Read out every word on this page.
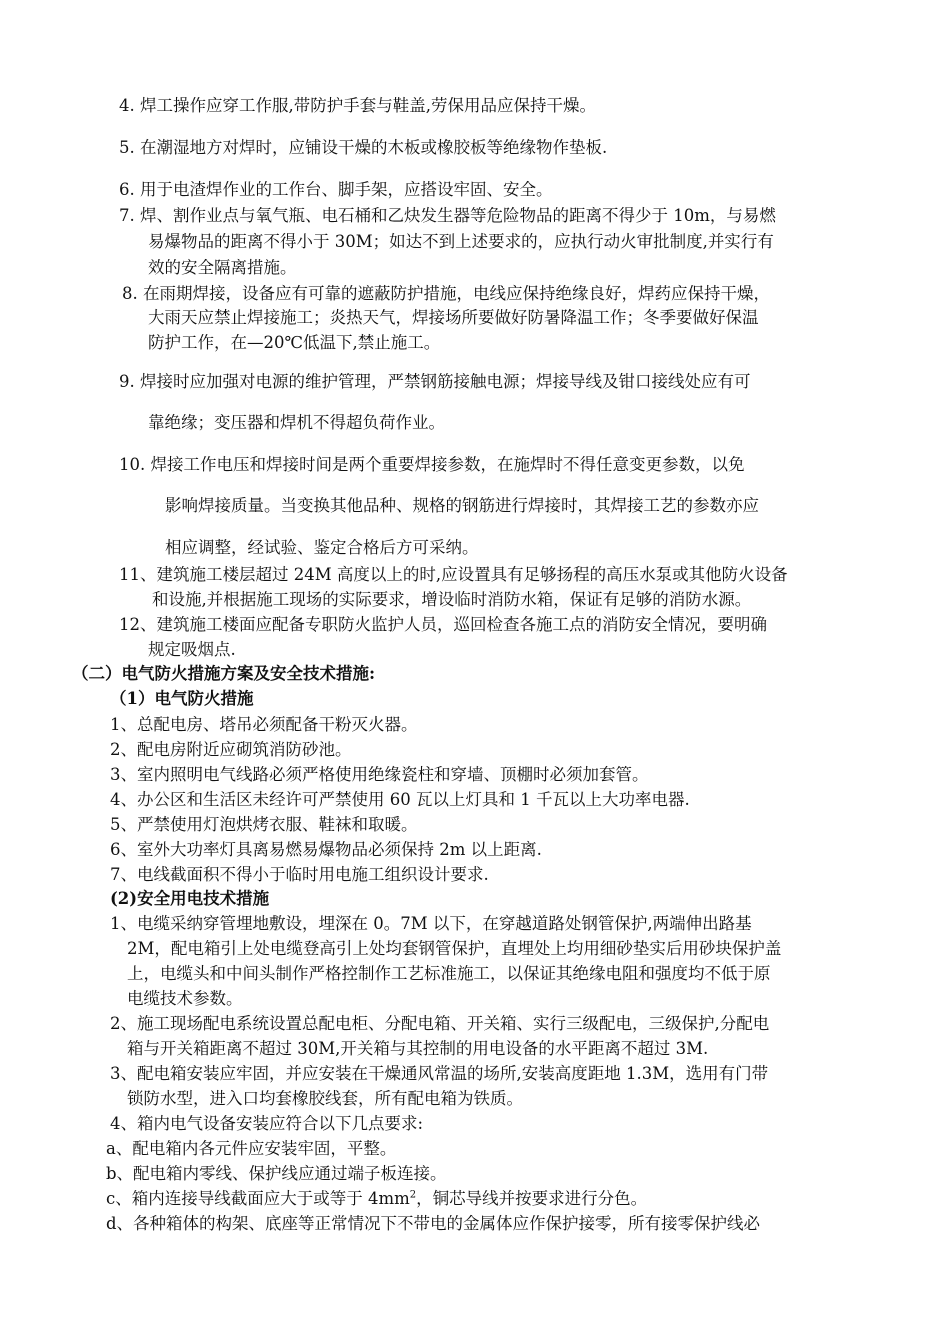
4. 焊工操作应穿工作服,带防护手套与鞋盖,劳保用品应保持干燥。
5. 在潮湿地方对焊时，应铺设干燥的木板或橡胶板等绝缘物作垫板.
6. 用于电渣焊作业的工作台、脚手架，应搭设牢固、安全。
7. 焊、割作业点与氧气瓶、电石桶和乙炔发生器等危险物品的距离不得少于 10m，与易燃
易爆物品的距离不得小于 30M；如达不到上述要求的，应执行动火审批制度,并实行有
效的安全隔离措施。
8. 在雨期焊接，设备应有可靠的遮蔽防护措施，电线应保持绝缘良好，焊药应保持干燥，
大雨天应禁止焊接施工；炎热天气，焊接场所要做好防暑降温工作；冬季要做好保温
防护工作，在—20℃低温下,禁止施工。
9. 焊接时应加强对电源的维护管理，严禁钢筋接触电源；焊接导线及钳口接线处应有可
靠绝缘；变压器和焊机不得超负荷作业。
10. 焊接工作电压和焊接时间是两个重要焊接参数，在施焊时不得任意变更参数，以免
影响焊接质量。当变换其他品种、规格的钢筋进行焊接时，其焊接工艺的参数亦应
相应调整，经试验、鉴定合格后方可采纳。
11、建筑施工楼层超过 24M 高度以上的时,应设置具有足够扬程的高压水泵或其他防火设备
和设施,并根据施工现场的实际要求，增设临时消防水箱，保证有足够的消防水源。
12、建筑施工楼面应配备专职防火监护人员，巡回检查各施工点的消防安全情况，要明确
规定吸烟点.
（二）电气防火措施方案及安全技术措施:
（1）电气防火措施
1、总配电房、塔吊必须配备干粉灭火器。
2、配电房附近应砌筑消防砂池。
3、室内照明电气线路必须严格使用绝缘瓷柱和穿墙、顶棚时必须加套管。
4、办公区和生活区未经许可严禁使用 60 瓦以上灯具和 1 千瓦以上大功率电器.
5、严禁使用灯泡烘烤衣服、鞋袜和取暖。
6、室外大功率灯具离易燃易爆物品必须保持 2m 以上距离.
7、电线截面积不得小于临时用电施工组织设计要求.
(2)安全用电技术措施
1、电缆采纳穿管埋地敷设，埋深在 0。7M 以下，在穿越道路处钢管保护,两端伸出路基
2M，配电箱引上处电缆登高引上处均套钢管保护，直埋处上均用细砂垫实后用砂块保护盖
上，电缆头和中间头制作严格控制作工艺标准施工，以保证其绝缘电阻和强度均不低于原
电缆技术参数。
2、施工现场配电系统设置总配电柜、分配电箱、开关箱、实行三级配电，三级保护,分配电
箱与开关箱距离不超过 30M,开关箱与其控制的用电设备的水平距离不超过 3M.
3、配电箱安装应牢固，并应安装在干燥通风常温的场所,安装高度距地 1.3M，选用有门带
锁防水型，进入口均套橡胶线套，所有配电箱为铁质。
4、箱内电气设备安装应符合以下几点要求:
a、配电箱内各元件应安装牢固，平整。
b、配电箱内零线、保护线应通过端子板连接。
c、箱内连接导线截面应大于或等于 $4mm^2$，铜芯导线并按要求进行分色。
d、各种箱体的构架、底座等正常情况下不带电的金属体应作保护接零，所有接零保护线必
